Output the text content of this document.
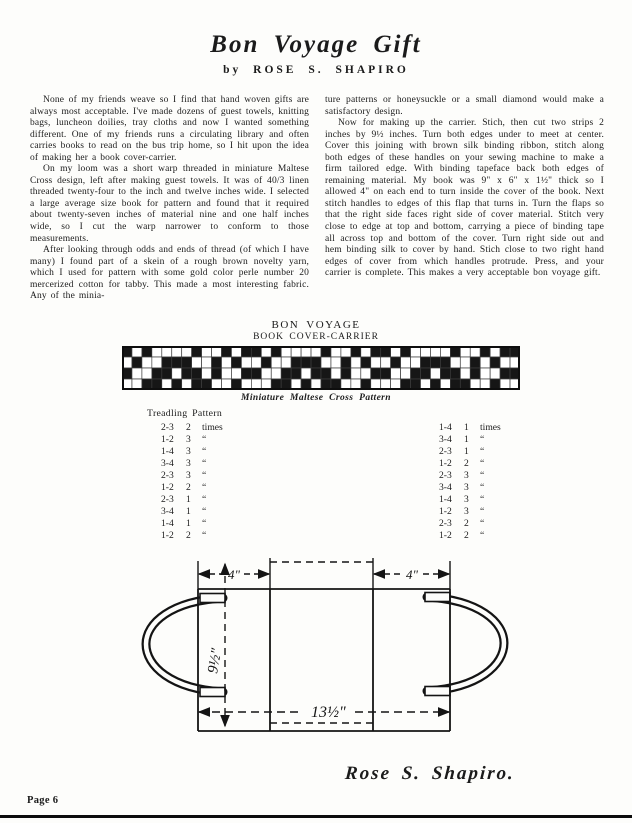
Bon Voyage Gift
by ROSE S. SHAPIRO

None of my friends weave so I find that hand woven gifts are always most acceptable. I've made dozens of guest towels, knitting bags, luncheon doilies, tray cloths and now I wanted something different. One of my friends runs a circulating library and often carries books to read on the bus trip home, so I hit upon the idea of making her a book cover-carrier.

On my loom was a short warp threaded in miniature Maltese Cross design, left after making guest towels. It was of 40/3 linen threaded twenty-four to the inch and twelve inches wide. I selected a large average size book for pattern and found that it required about twenty-seven inches of material nine and one half inches wide, so I cut the warp narrower to conform to those measurements.

After looking through odds and ends of thread (of which I have many) I found part of a skein of a rough brown novelty yarn, which I used for pattern with some gold color perle number 20 mercerized cotton for tabby. This made a most interesting fabric. Any of the minia-

ture patterns or honeysuckle or a small diamond would make a satisfactory design.

Now for making up the carrier. Stich, then cut two strips 2 inches by 9½ inches. Turn both edges under to meet at center. Cover this joining with brown silk binding ribbon, stitch along both edges of these handles on your sewing machine to make a firm tailored edge. With binding tapeface back both edges of remaining material. My book was 9" x 6" x 1½" thick so I allowed 4" on each end to turn inside the cover of the book. Next stitch handles to edges of this flap that turns in. Turn the flaps so that the right side faces right side of cover material. Stitch very close to edge at top and bottom, carrying a piece of binding tape all across top and bottom of the cover. Turn right side out and hem binding silk to cover by hand. Stich close to two right hand edges of cover from which handles protrude. Press, and your carrier is complete. This makes a very acceptable bon voyage gift.

BON VOYAGE
BOOK COVER-CARRIER
Miniature Maltese Cross Pattern
Treadling Pattern
2-3	2	times
1-2	3	“
1-4	3	“
3-4	3	“
2-3	3	“
1-2	2	“
2-3	1	“
3-4	1	“
1-4	1	“
1-2	2	“
1-4	1	times
3-4	1	“
2-3	1	“
1-2	2	“
2-3	3	“
3-4	3	“
1-4	3	“
1-2	3	“
2-3	2	“
1-2	2	“
4"	4"
9½"
13½"
Rose S. Shapiro.
Page 6
